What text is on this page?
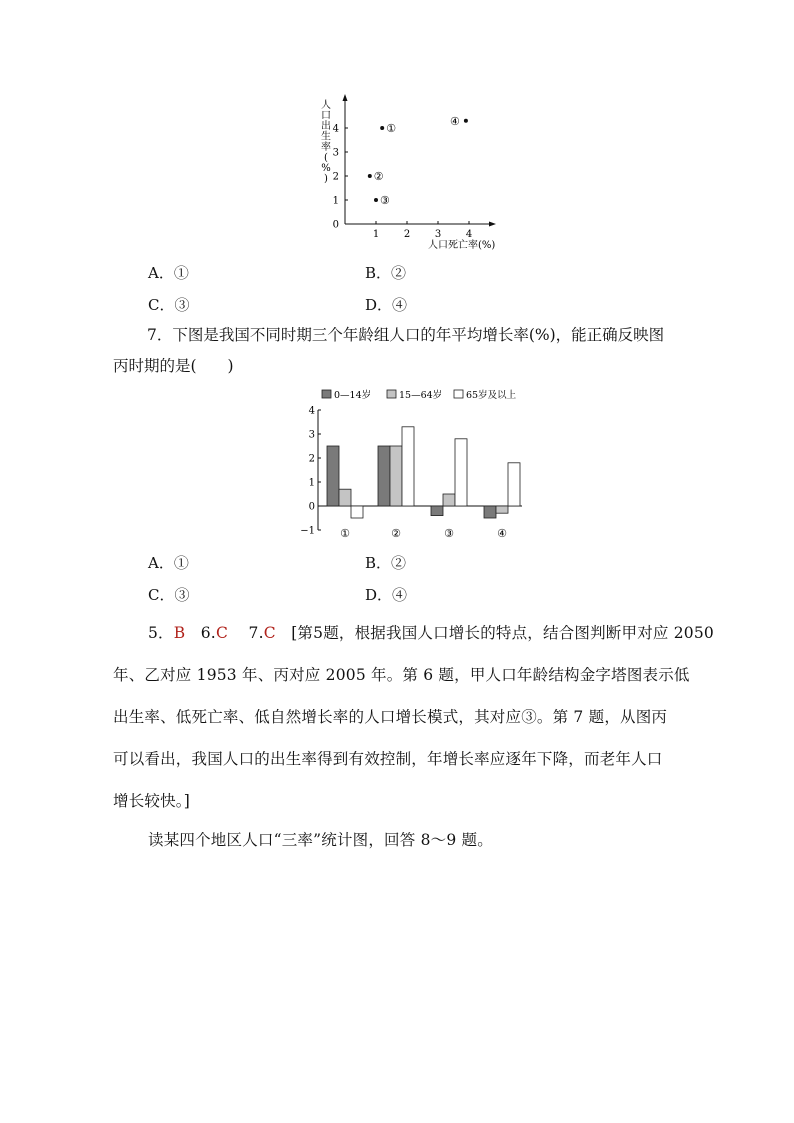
人
口
出
生
率
(
%
)
0
1
2
3
4
1 2 3 4
①
②
③
④
人口死亡率(%)
A．①	B．②
C．③	D．④
7．下图是我国不同时期三个年龄组人口的年平均增长率(%)，能正确反映图
丙时期的是(　　)
0—14岁	15—64岁	65岁及以上
4
3
2
1
0
−1 ①	②	③	④
A．①	B．②
C．③	D．④
5．B 6.C 7.C [第5题，根据我国人口增长的特点，结合图判断甲对应 2050
年、乙对应 1953 年、丙对应 2005 年。第 6 题，甲人口年龄结构金字塔图表示低
出生率、低死亡率、低自然增长率的人口增长模式，其对应③。第 7 题，从图丙
可以看出，我国人口的出生率得到有效控制，年增长率应逐年下降，而老年人口
增长较快。]
读某四个地区人口“三率”统计图，回答 8～9 题。
